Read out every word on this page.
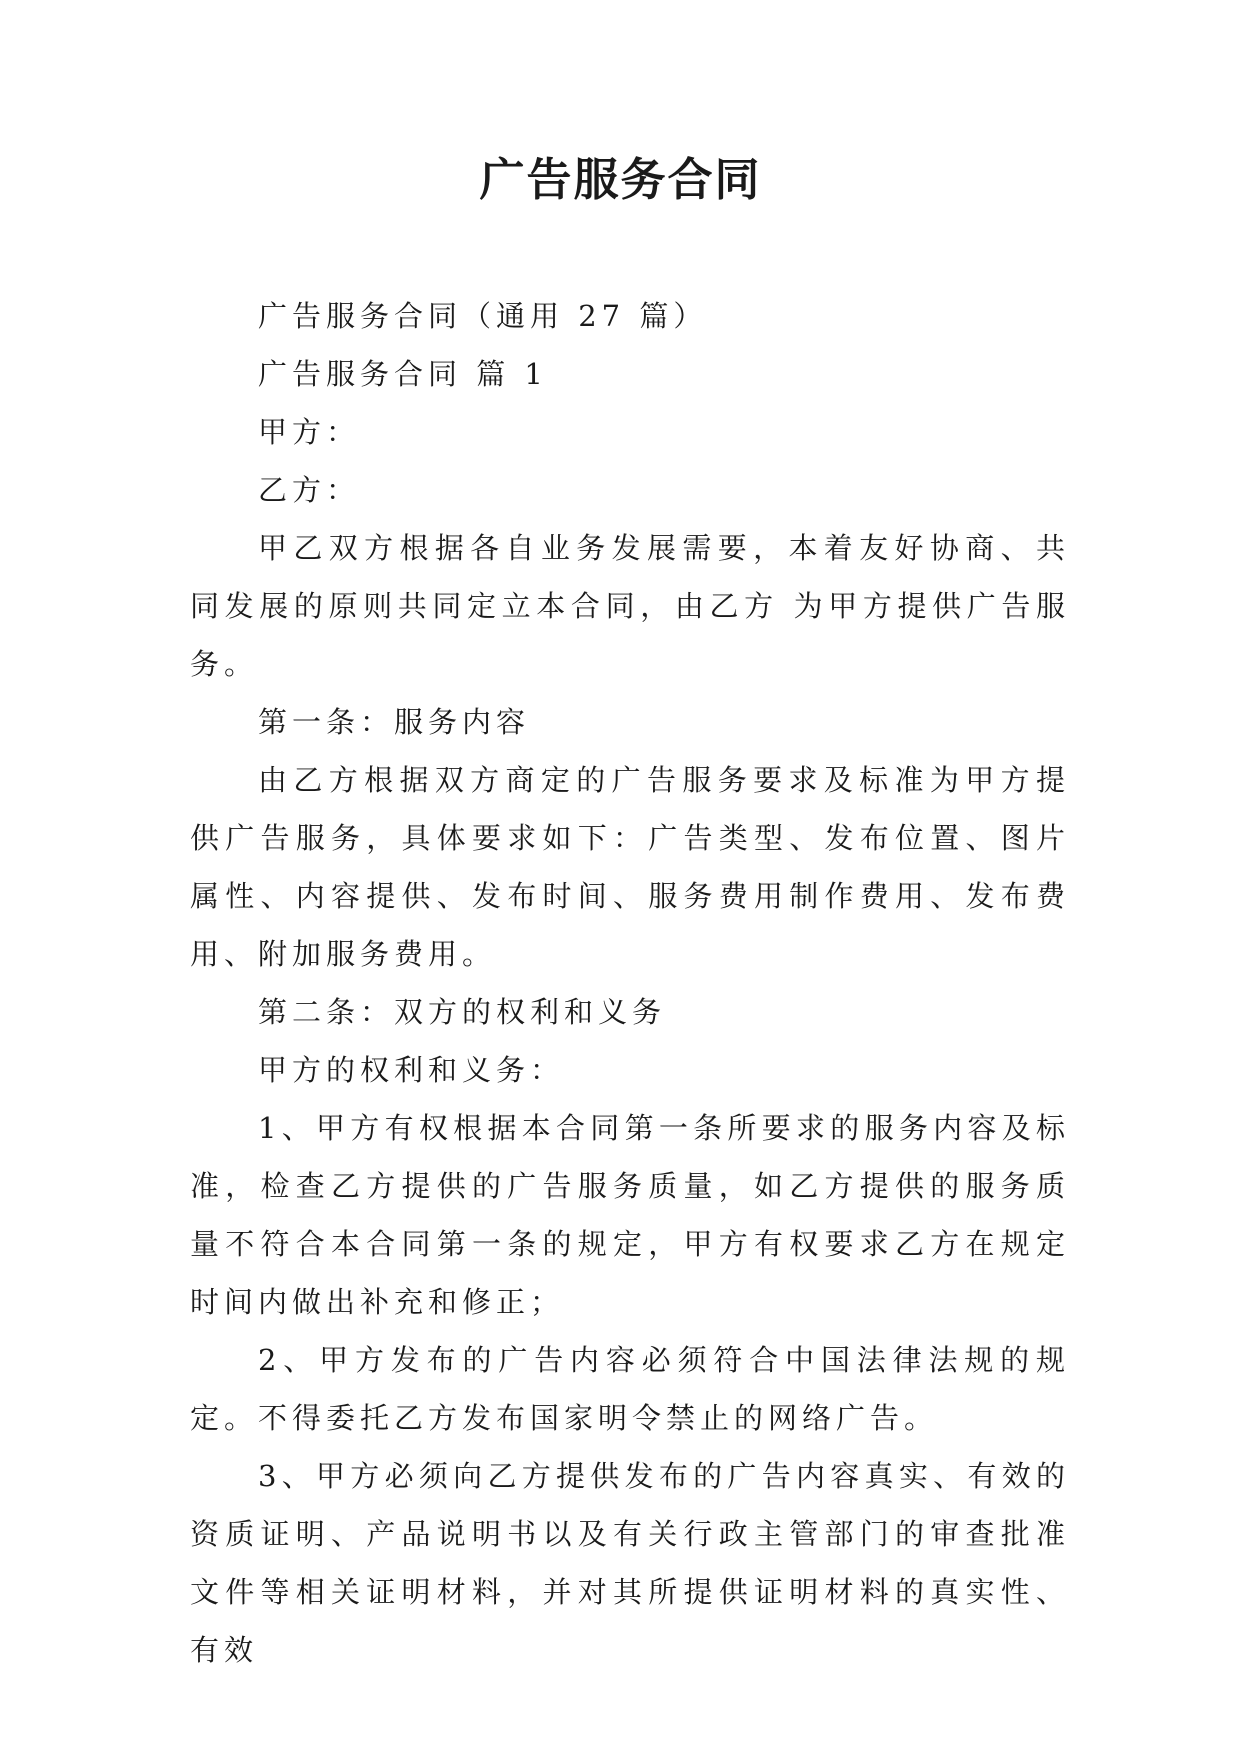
广告服务合同

广告服务合同（通用 27 篇）

广告服务合同 篇 1

甲方：

乙方：

甲乙双方根据各自业务发展需要，本着友好协商、共同发展的原则共同定立本合同，由乙方 为甲方提供广告服务。

第一条：服务内容

由乙方根据双方商定的广告服务要求及标准为甲方提供广告服务，具体要求如下：广告类型、发布位置、图片属性、内容提供、发布时间、服务费用制作费用、发布费用、附加服务费用。

第二条：双方的权利和义务

甲方的权利和义务：

1、甲方有权根据本合同第一条所要求的服务内容及标准，检查乙方提供的广告服务质量，如乙方提供的服务质量不符合本合同第一条的规定，甲方有权要求乙方在规定时间内做出补充和修正；

2、甲方发布的广告内容必须符合中国法律法规的规定。不得委托乙方发布国家明令禁止的网络广告。

3、甲方必须向乙方提供发布的广告内容真实、有效的资质证明、产品说明书以及有关行政主管部门的审查批准文件等相关证明材料，并对其所提供证明材料的真实性、有效
